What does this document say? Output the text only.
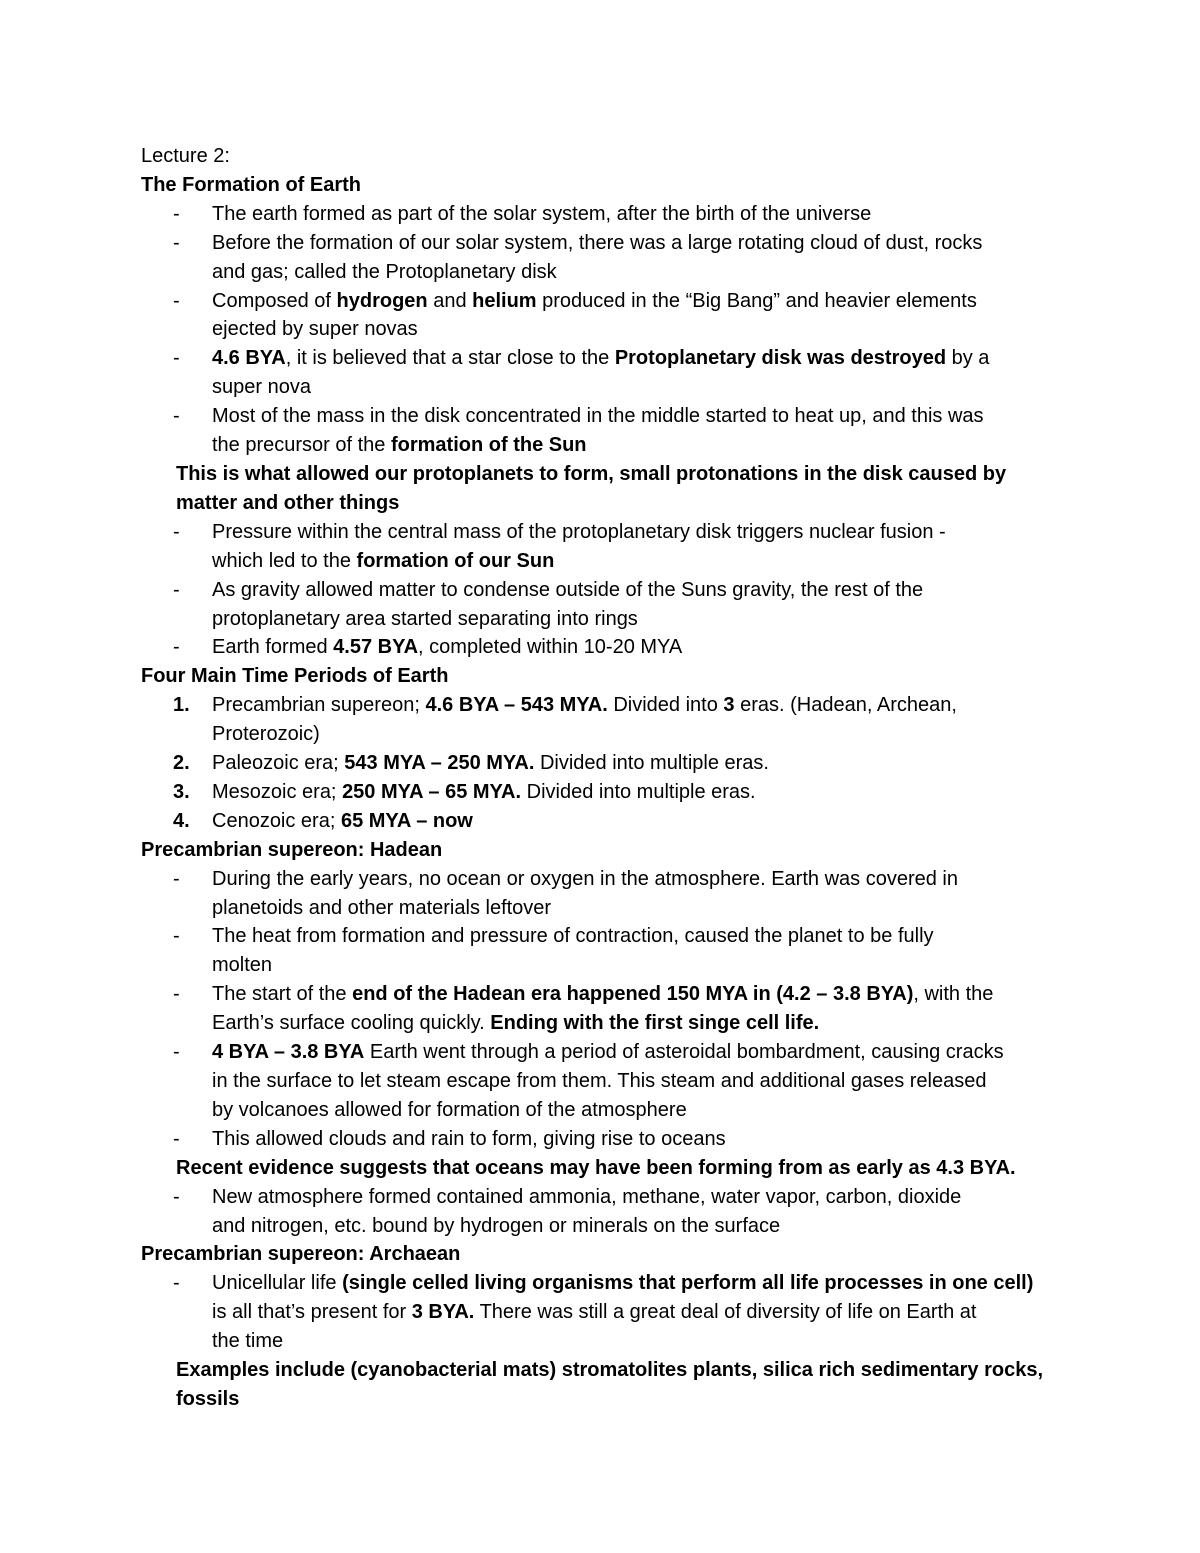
Lecture 2:
The Formation of Earth
- The earth formed as part of the solar system, after the birth of the universe
- Before the formation of our solar system, there was a large rotating cloud of dust, rocks
and gas; called the Protoplanetary disk
- Composed of hydrogen and helium produced in the “Big Bang” and heavier elements
ejected by super novas
- 4.6 BYA, it is believed that a star close to the Protoplanetary disk was destroyed by a
super nova
- Most of the mass in the disk concentrated in the middle started to heat up, and this was
the precursor of the formation of the Sun
This is what allowed our protoplanets to form, small protonations in the disk caused by
matter and other things
- Pressure within the central mass of the protoplanetary disk triggers nuclear fusion -
which led to the formation of our Sun
- As gravity allowed matter to condense outside of the Suns gravity, the rest of the
protoplanetary area started separating into rings
- Earth formed 4.57 BYA, completed within 10-20 MYA
Four Main Time Periods of Earth
1. Precambrian supereon; 4.6 BYA – 543 MYA. Divided into 3 eras. (Hadean, Archean,
Proterozoic)
2. Paleozoic era; 543 MYA – 250 MYA. Divided into multiple eras.
3. Mesozoic era; 250 MYA – 65 MYA. Divided into multiple eras.
4. Cenozoic era; 65 MYA – now
Precambrian supereon: Hadean
- During the early years, no ocean or oxygen in the atmosphere. Earth was covered in
planetoids and other materials leftover
- The heat from formation and pressure of contraction, caused the planet to be fully
molten
- The start of the end of the Hadean era happened 150 MYA in (4.2 – 3.8 BYA), with the
Earth’s surface cooling quickly. Ending with the first singe cell life.
- 4 BYA – 3.8 BYA Earth went through a period of asteroidal bombardment, causing cracks
in the surface to let steam escape from them. This steam and additional gases released
by volcanoes allowed for formation of the atmosphere
- This allowed clouds and rain to form, giving rise to oceans
Recent evidence suggests that oceans may have been forming from as early as 4.3 BYA.
- New atmosphere formed contained ammonia, methane, water vapor, carbon, dioxide
and nitrogen, etc. bound by hydrogen or minerals on the surface
Precambrian supereon: Archaean
- Unicellular life (single celled living organisms that perform all life processes in one cell)
is all that’s present for 3 BYA. There was still a great deal of diversity of life on Earth at
the time
Examples include (cyanobacterial mats) stromatolites plants, silica rich sedimentary rocks,
fossils
